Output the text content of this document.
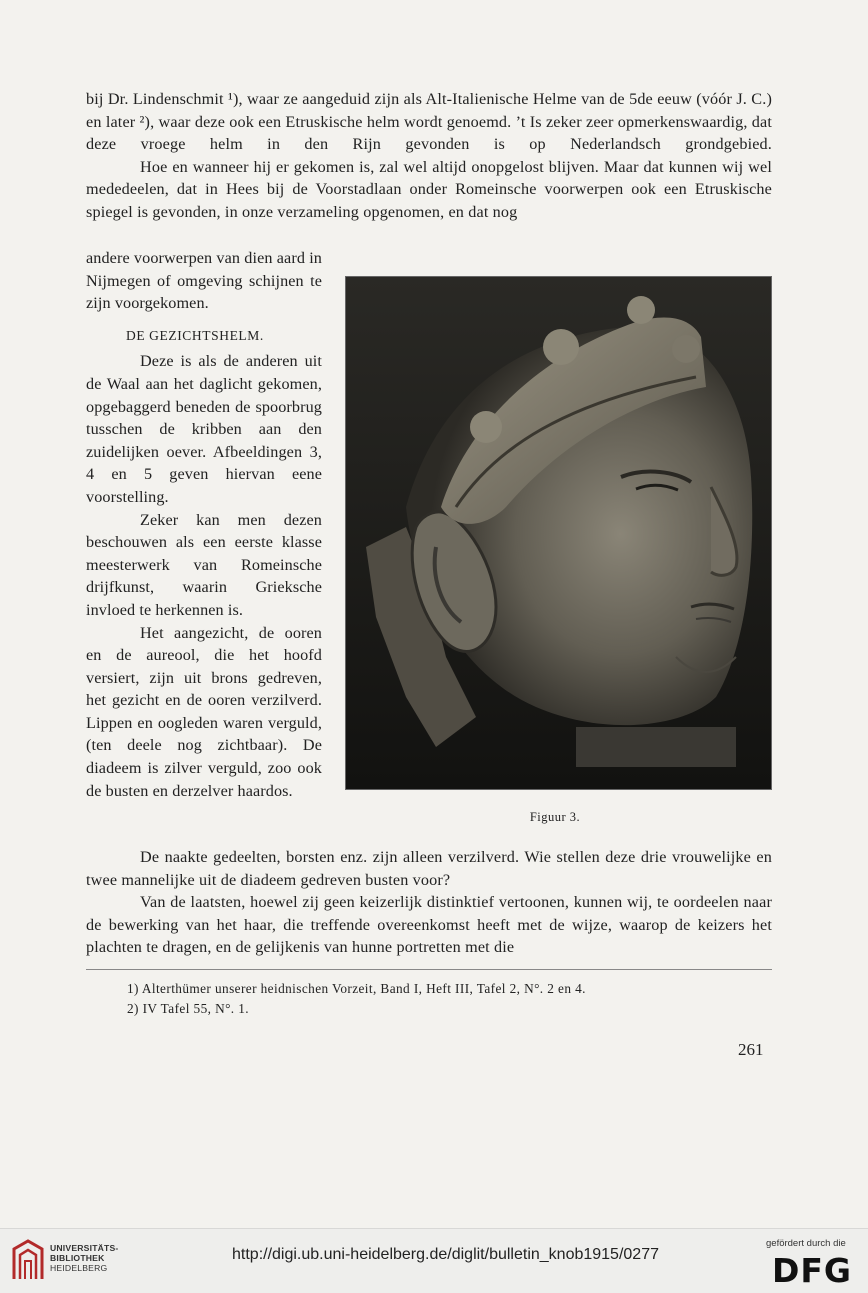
bij Dr. Lindenschmit ¹), waar ze aangeduid zijn als Alt-Italienische Helme van de 5de eeuw (vóór J. C.) en later ²), waar deze ook een Etruskische helm wordt genoemd. ’t Is zeker zeer opmerkenswaardig, dat deze vroege helm in den Rijn gevonden is op Nederlandsch grondgebied.

Hoe en wanneer hij er gekomen is, zal wel altijd onopgelost blijven. Maar dat kunnen wij wel mededeelen, dat in Hees bij de Voorstadlaan onder Romeinsche voorwerpen ook een Etruskische spiegel is gevonden, in onze verzameling opgenomen, en dat nog

andere voorwerpen van dien aard in Nijmegen of omgeving schijnen te zijn voorgekomen.

DE GEZICHTSHELM.

Deze is als de anderen uit de Waal aan het daglicht gekomen, opgebaggerd beneden de spoorbrug tusschen de kribben aan den zuidelijken oever. Afbeeldingen 3, 4 en 5 geven hiervan eene voorstelling.

Zeker kan men dezen beschouwen als een eerste klasse meesterwerk van Romeinsche drijfkunst, waarin Grieksche invloed te herkennen is.

Het aangezicht, de ooren en de aureool, die het hoofd versiert, zijn uit brons gedreven, het gezicht en de ooren verzilverd. Lippen en oogleden waren verguld, (ten deele nog zichtbaar). De diadeem is zilver verguld, zoo ook de busten en derzelver haardos.

Figuur 3.

De naakte gedeelten, borsten enz. zijn alleen verzilverd. Wie stellen deze drie vrouwelijke en twee mannelijke uit de diadeem gedreven busten voor?

Van de laatsten, hoewel zij geen keizerlijk distinktief vertoonen, kunnen wij, te oordeelen naar de bewerking van het haar, die treffende overeenkomst heeft met de wijze, waarop de keizers het plachten te dragen, en de gelijkenis van hunne portretten met die

1) Alterthümer unserer heidnischen Vorzeit, Band I, Heft III, Tafel 2, N°. 2 en 4.
2) IV Tafel 55, N°. 1.
261
UNIVERSITÄTS-
BIBLIOTHEK
HEIDELBERG
http://digi.ub.uni-heidelberg.de/diglit/bulletin_knob1915/0277
gefördert durch die
DFG
